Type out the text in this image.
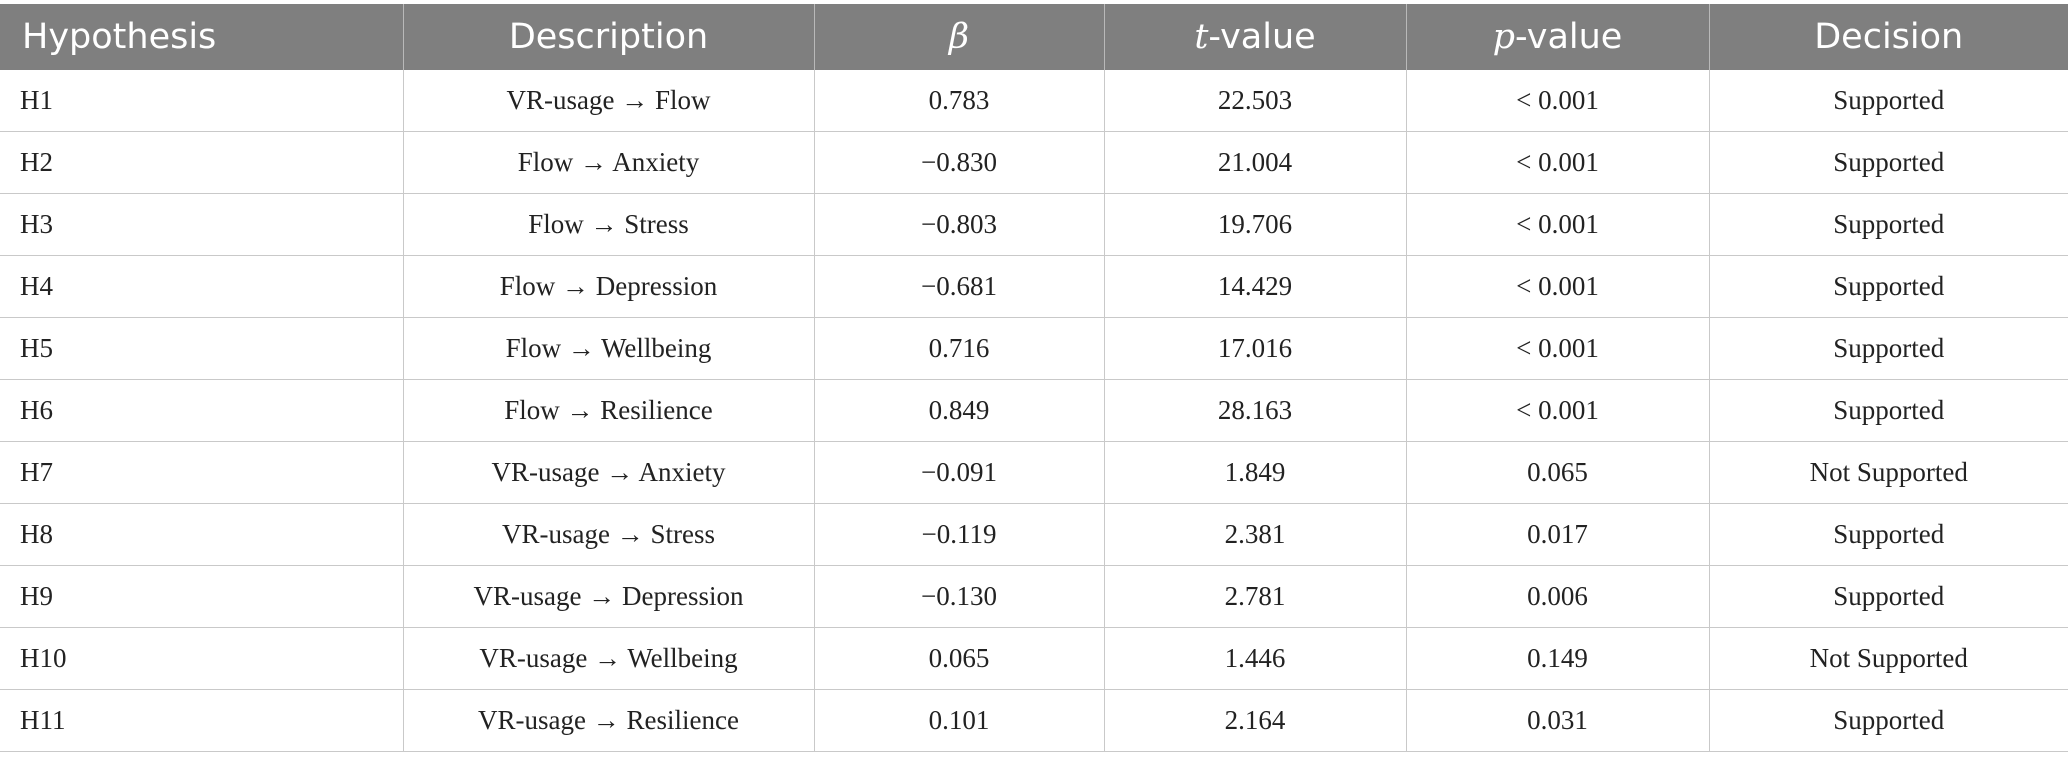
Hypothesis	Description	β	t-value	p-value	Decision
H1	VR-usage → Flow	0.783	22.503	< 0.001	Supported
H2	Flow → Anxiety	−0.830	21.004	< 0.001	Supported
H3	Flow → Stress	−0.803	19.706	< 0.001	Supported
H4	Flow → Depression	−0.681	14.429	< 0.001	Supported
H5	Flow → Wellbeing	0.716	17.016	< 0.001	Supported
H6	Flow → Resilience	0.849	28.163	< 0.001	Supported
H7	VR-usage → Anxiety	−0.091	1.849	0.065	Not Supported
H8	VR-usage → Stress	−0.119	2.381	0.017	Supported
H9	VR-usage → Depression	−0.130	2.781	0.006	Supported
H10	VR-usage → Wellbeing	0.065	1.446	0.149	Not Supported
H11	VR-usage → Resilience	0.101	2.164	0.031	Supported
